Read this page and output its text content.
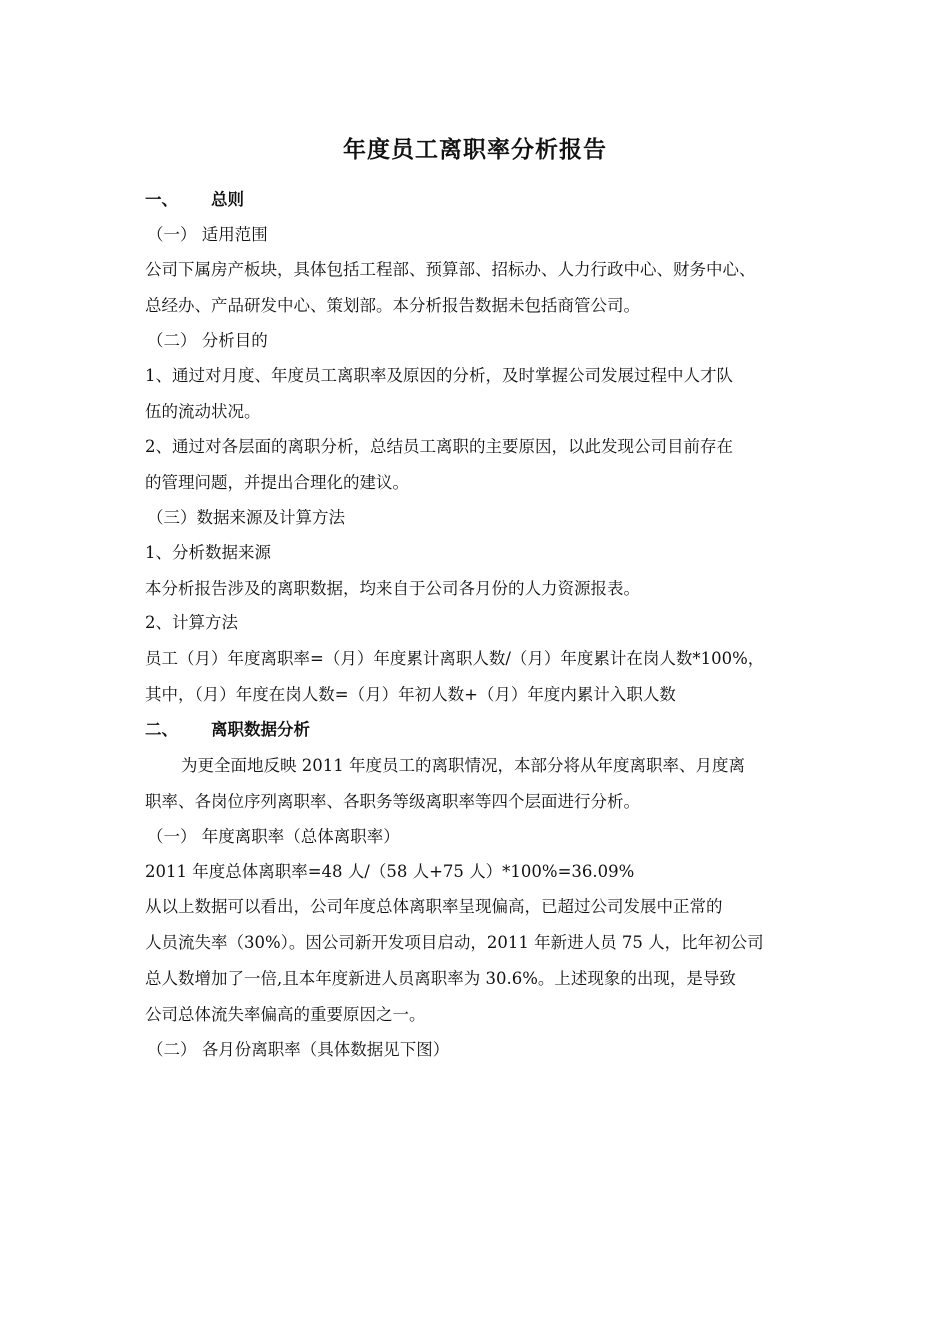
年度员工离职率分析报告
一、 总则
（一） 适用范围
公司下属房产板块，具体包括工程部、预算部、招标办、人力行政中心、财务中心、
总经办、产品研发中心、策划部。本分析报告数据未包括商管公司。
（二） 分析目的
1、通过对月度、年度员工离职率及原因的分析，及时掌握公司发展过程中人才队
伍的流动状况。
2、通过对各层面的离职分析，总结员工离职的主要原因，以此发现公司目前存在
的管理问题，并提出合理化的建议。
（三）数据来源及计算方法
1、分析数据来源
本分析报告涉及的离职数据，均来自于公司各月份的人力资源报表。
2、计算方法
员工（月）年度离职率=（月）年度累计离职人数/（月）年度累计在岗人数*100%，
其中，（月）年度在岗人数=（月）年初人数+（月）年度内累计入职人数
二、 离职数据分析
为更全面地反映 2011 年度员工的离职情况，本部分将从年度离职率、月度离
职率、各岗位序列离职率、各职务等级离职率等四个层面进行分析。
（一） 年度离职率（总体离职率）
2011 年度总体离职率=48 人/（58 人+75 人）*100%=36.09%
从以上数据可以看出，公司年度总体离职率呈现偏高，已超过公司发展中正常的
人员流失率（30%）。因公司新开发项目启动，2011 年新进人员 75 人，比年初公司
总人数增加了一倍,且本年度新进人员离职率为 30.6%。上述现象的出现，是导致
公司总体流失率偏高的重要原因之一。
（二） 各月份离职率（具体数据见下图）
